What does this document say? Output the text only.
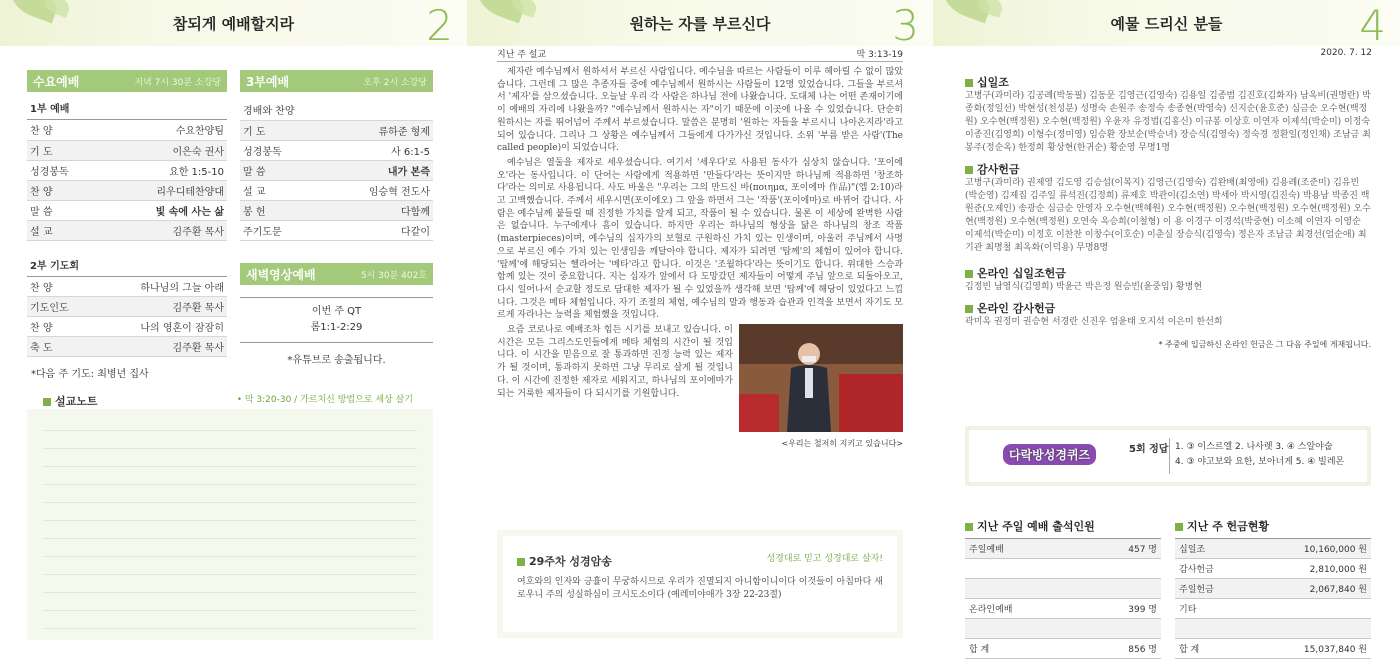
참되게 예배할지라	2
수요예배	저녁 7시 30분 소강당
1부 예배
찬 양	수요찬양팀
기 도	이은숙 권사
성경봉독	요한 1:5-10
찬 양	리우디테찬양대
말 씀	빛 속에 사는 삶
설 교	김주환 목사
2부 기도회
찬 양	하나님의 그늘 아래
기도인도	김주환 목사
찬 양	나의 영혼이 잠잠히
축 도	김주환 목사
*다음 주 기도: 최병년 집사
3부예배	오후 2시 소강당
경배와 찬양	
기 도	류하준 형제
성경봉독	사 6:1-5
말 씀	내가 본즉
설 교	임승혁 전도사
봉 헌	다함께
주기도문	다같이
새벽영상예배	5시 30분 402호
이번 주 QT
롬1:1-2:29
*유튜브로 송출됩니다.
설교노트	• 막 3:20-30 / 가르치신 방법으로 세상 살기
원하는 자를 부르신다	3
지난 주 설교	막 3:13-19

제자란 예수님께서 원하셔서 부르신 사람입니다. 예수님을 따르는 사람들이 이루 헤아릴 수 없이 많았습니다. 그런데 그 많은 추종자들 중에 예수님께서 원하시는 사람들이 12명 있었습니다. 그들을 부르셔서 '제자'를 삼으셨습니다. 오늘날 우리 각 사람은 하나님 전에 나왔습니다. 도대체 나는 어떤 존재이기에 이 예배의 자리에 나왔을까? "예수님께서 원하시는 자"이기 때문에 이곳에 나올 수 있었습니다. 단순히 원하시는 자를 뛰어넘어 주께서 부르셨습니다. 말씀은 분명히 '원하는 자들을 부르시니 나아온지라'라고 되어 있습니다. 그리나 그 상황은 예수님께서 그들에게 다가가신 것입니다. 소위 '부름 받은 사람'(The called people)이 되었습니다.

예수님은 열둘을 제자로 세우셨습니다. 여기서 '세우다'로 사용된 동사가 심상치 않습니다. '포이에오'라는 동사입니다. 이 단어는 사람에게 적용하면 '만들다'라는 뜻이지만 하나님께 적용하면 '창조하다'라는 의미로 사용됩니다. 사도 바울은 "우리는 그의 만드신 바(ποιημα, 포이에마 作品)"(엡 2:10)라고 고백했습니다. 주께서 세우시면(포이에오) 그 앞을 하면서 그는 '작품'(포이에마)로 바뀌어 갑니다. 사람은 예수님께 붙들릴 때 진정한 가치를 알게 되고, 작품이 될 수 있습니다. 물론 이 세상에 완벽한 사람은 없습니다. 누구에게나 흠이 있습니다. 하지만 우리는 하나님의 형상을 닮은 하나님의 창조 작품(masterpieces)이며, 예수님의 십자가의 보혈로 구원하신 가치 있는 인생이며, 아울러 주님께서 사명으로 부르신 예수 가치 있는 인생임을 깨달아야 합니다. 제자가 되려면 '탑께'의 체험이 있어야 합니다. '탑께'에 해당되는 헬라어는 '메타'라고 합니다. 이것은 '조월하다'라는 뜻이기도 합니다. 위대한 스승과 함께 있는 것이 중요합니다. 지는 십자가 앞에서 다 도망갔던 제자들이 어떻게 주님 앞으로 되돌아오고, 다시 일어나서 순교할 정도로 담대한 제자가 될 수 있었을까 생각해 보면 '탑께'에 해당이 있었다고 느낍니다. 그것은 메타 체험입니다. 자기 조절의 체험, 예수님의 말과 행동과 습관과 인격을 보면서 자기도 모르게 자라나는 능력을 체험했을 것입니다.

<우리는 철저히 지키고 있습니다>

요즘 코로나로 예배조차 힘든 시기를 보내고 있습니다. 이 시간은 모든 그리스도인들에게 메타 체험의 시간이 될 것입니다. 이 시간을 믿음으로 잘 통과하면 진정 능력 있는 제자가 될 것이며, 통과하지 못하면 그냥 무리로 살게 될 것입니다. 이 시간에 진정한 제자로 세워지고, 하나님의 포이에마가 되는 거룩한 제자들이 다 되시기를 기원합니다.

29주차 성경암송	성경대로 믿고 성경대로 살자!
여호와의 인자와 긍휼이 무궁하시므로 우리가 진멸되지 아니함이니이다 이것들이 아침마다 새로우니 주의 성실하심이 크시도소이다 (예레미야애가 3장 22-23절)
예물 드리신 분들	4
2020. 7. 12
십일조
고병구(과미라) 김공례(박동필) 김동문 김영근(김영숙) 김용일 김종범 김진호(김화자) 남옥비(권명란) 박종화(정일선) 박현성(천성분) 성명숙 손원주 송정숙 송종현(박영숙) 신지순(윤호준) 심금순 오수현(백정원) 오수현(백정원) 오수현(백정원) 우윤자 유정법(김홍신) 이규봉 이상호 이연자 이제석(박순미) 이정숙 이종진(김영희) 이형수(정미영) 임승환 장보순(박승녀) 장승식(김영숙) 정숙경 정환일(정인채) 조남금 최봉주(정순옥) 한정희 황상현(한귀순) 황순영 무명1명
감사헌금
고병구(과미라) 권제영 김도영 김승섭(이복지) 김영근(김영숙) 김완배(최영애) 김용례(조준미) 김유빈(박순영) 김제집 김주일 류석진(김정희) 류제호 박관이(김소연) 박세아 박시영(김진숙) 박용남 박종진 백원준(오제인) 송광순 심금순 안영자 오수현(백혜원) 오수현(백정원) 오수현(백정원) 오수현(백정원) 오수현(백정원) 오수현(백정원) 오연숙 옥승희(이철형) 이 용 이경구 이경석(박중현) 이소혜 이연자 이영순 이제석(박순미) 이정호 이찬찬 이창수(이호순) 이춘실 장승식(김영숙) 정은자 조남금 최경선(엄순애) 최기관 최명철 최옥화(이덕용) 무명8명
온라인 십일조헌금
김정빈 남영식(김영희) 박윤근 박은정 원승빈(윤중임) 황병현
온라인 감사헌금
곽미옥 권정미 권승현 서경란 신진우 엄윤태 오지석 이은미 한선희
* 주중에 입금하신 온라인 헌금은 그 다음 주일에 게재됩니다.
다락방성경퀴즈	5회 정답 1. ③ 이스르엘 2. 나사렛 3. ④ 스알야숩
4. ③ 야고보와 요한, 보아너게 5. ④ 빌레몬
지난 주일 예배 출석인원
주일예배	457 명

온라인예배	399 명

합 계	856 명
지난 주 헌금현황
십일조	10,160,000 원
감사헌금	2,810,000 원
주일헌금	2,067,840 원
기타	

합 계	15,037,840 원
